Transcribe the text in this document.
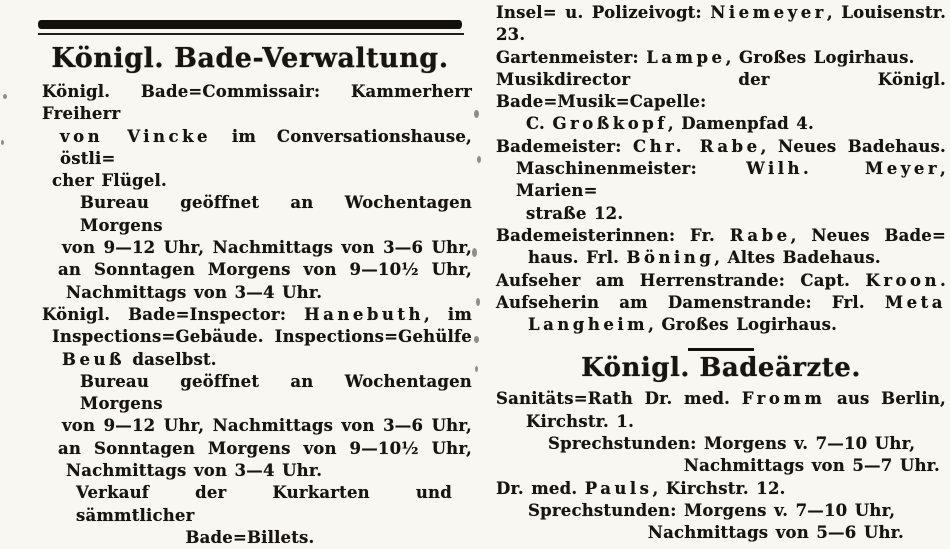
Königl. Bade-Verwaltung.
Königl. Bade=Commissair: Kammerherr Freiherr
von Vincke im Conversationshause, östli=
cher Flügel.
Bureau geöffnet an Wochentagen Morgens
von 9—12 Uhr, Nachmittags von 3—6 Uhr,
an Sonntagen Morgens von 9—10½ Uhr,
Nachmittags von 3—4 Uhr.
Königl. Bade=Inspector: Hanebuth, im
Inspections=Gebäude. Inspections=Gehülfe
Beuß daselbst.
Bureau geöffnet an Wochentagen Morgens
von 9—12 Uhr, Nachmittags von 3—6 Uhr,
an Sonntagen Morgens von 9—10½ Uhr,
Nachmittags von 3—4 Uhr.
Verkauf der Kurkarten und sämmtlicher
Bade=Billets.
Insel= u. Polizeivogt: Niemeyer, Louisenstr. 23.
Gartenmeister: Lampe, Großes Logirhaus.
Musikdirector der Königl. Bade=Musik=Capelle:
C. Großkopf, Damenpfad 4.
Bademeister: Chr. Rabe, Neues Badehaus.
Maschinenmeister: Wilh. Meyer, Marien=
straße 12.
Bademeisterinnen: Fr. Rabe, Neues Bade=
haus. Frl. Böning, Altes Badehaus.
Aufseher am Herrenstrande: Capt. Kroon.
Aufseherin am Damenstrande: Frl. Meta
Langheim, Großes Logirhaus.
Königl. Badeärzte.
Sanitäts=Rath Dr. med. Fromm aus Berlin,
Kirchstr. 1.
Sprechstunden: Morgens v. 7—10 Uhr,
Nachmittags von 5—7 Uhr.
Dr. med. Pauls, Kirchstr. 12.
Sprechstunden: Morgens v. 7—10 Uhr,
Nachmittags von 5—6 Uhr.
